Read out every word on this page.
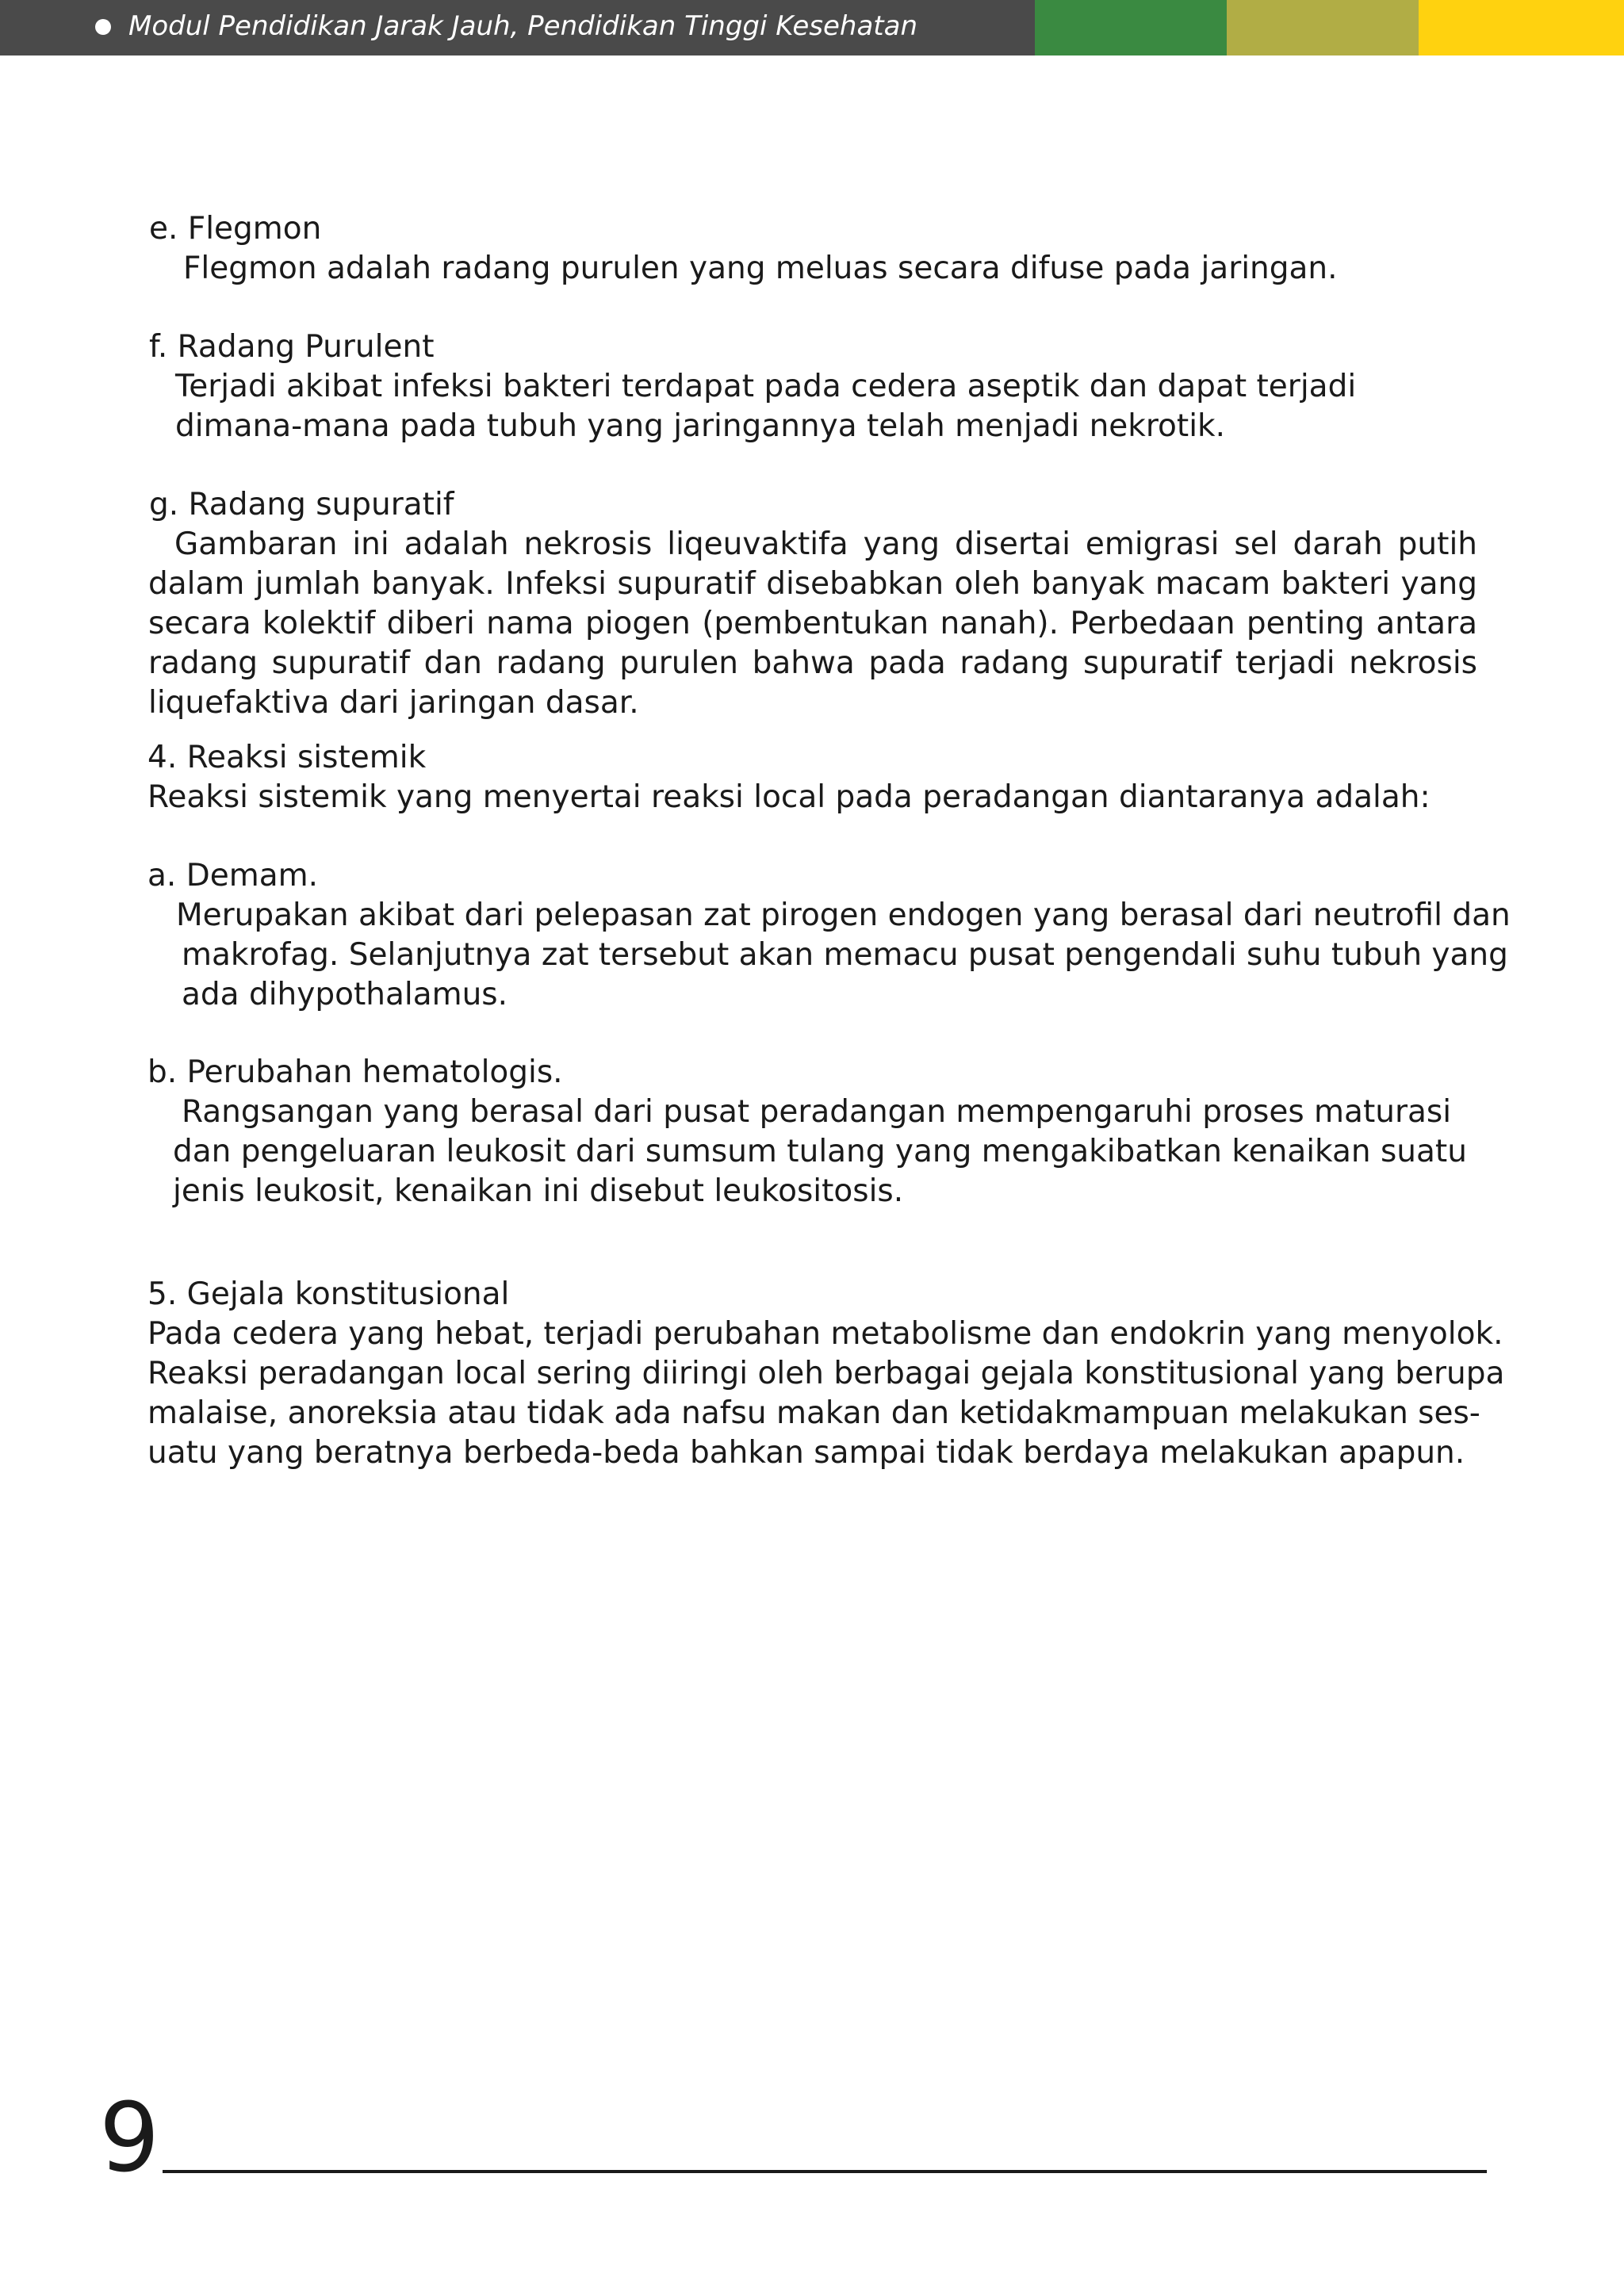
Modul Pendidikan Jarak Jauh, Pendidikan Tinggi Kesehatan
e. Flegmon
Flegmon adalah radang purulen yang meluas secara difuse pada jaringan.
f. Radang Purulent
Terjadi akibat infeksi bakteri terdapat pada cedera aseptik dan dapat terjadi
dimana-mana pada tubuh yang jaringannya telah menjadi nekrotik.
g. Radang supuratif
Gambaran ini adalah nekrosis liqeuvaktifa yang disertai emigrasi sel darah putih dalam jumlah banyak. Infeksi supuratif disebabkan oleh banyak macam bakteri yang secara kolektif diberi nama piogen (pembentukan nanah). Perbedaan penting antara radang supuratif dan radang purulen bahwa pada radang supuratif terjadi nekrosis liquefaktiva dari jaringan dasar.
4. Reaksi sistemik
Reaksi sistemik yang menyertai reaksi local pada peradangan diantaranya adalah:
a. Demam.
Merupakan akibat dari pelepasan zat pirogen endogen yang berasal dari neutrofil dan
makrofag. Selanjutnya zat tersebut akan memacu pusat pengendali suhu tubuh yang
ada dihypothalamus.
b. Perubahan hematologis.
Rangsangan yang berasal dari pusat peradangan mempengaruhi proses maturasi
dan pengeluaran leukosit dari sumsum tulang yang mengakibatkan kenaikan suatu
jenis leukosit, kenaikan ini disebut leukositosis.
5. Gejala konstitusional
Pada cedera yang hebat, terjadi perubahan metabolisme dan endokrin yang menyolok.
Reaksi peradangan local sering diiringi oleh berbagai gejala konstitusional yang berupa
malaise, anoreksia atau tidak ada nafsu makan dan ketidakmampuan melakukan ses-
uatu yang beratnya berbeda-beda bahkan sampai tidak berdaya melakukan apapun.
9
